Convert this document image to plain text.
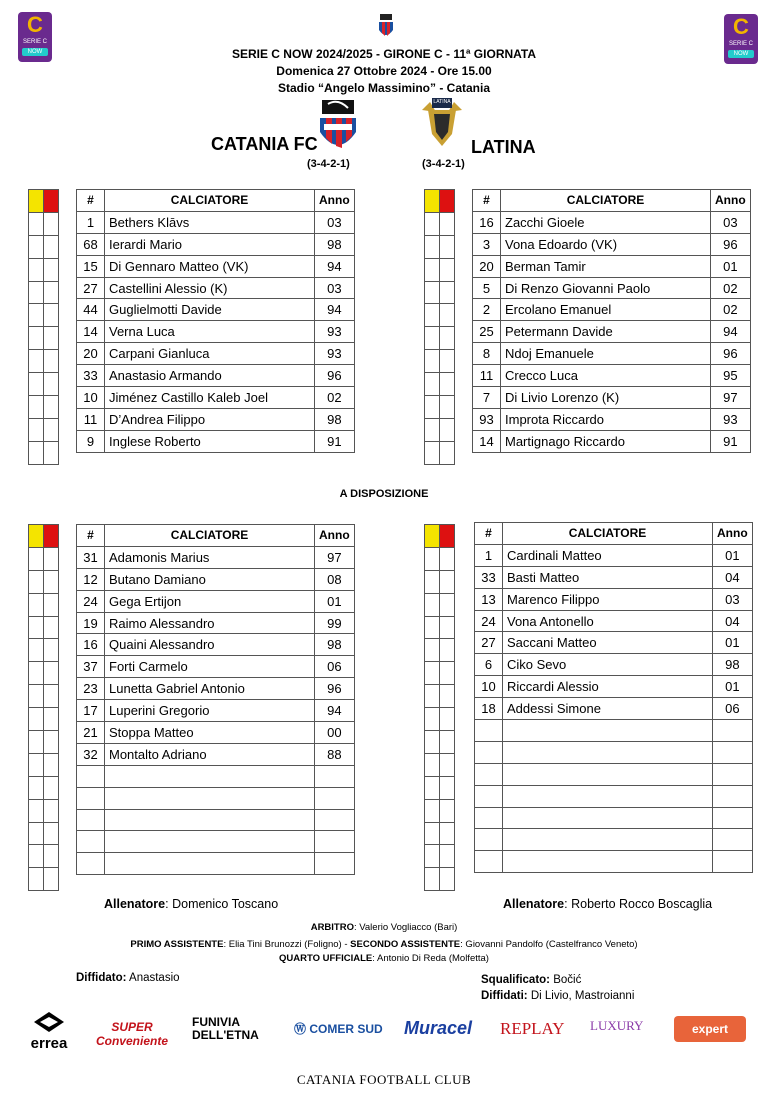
C
SERIE C
NOW
C
SERIE C
NOW
SERIE C NOW 2024/2025 - GIRONE C - 11ª GIORNATA
Domenica 27 Ottobre 2024 - Ore 15.00
Stadio “Angelo Massimino” - Catania
CATANIA FC
(3-4-2-1)
LATINA
LATINA
(3-4-2-1)

#	CALCIATORE	Anno
1	Bethers Klāvs	03
68	Ierardi Mario	98
15	Di Gennaro Matteo (VK)	94
27	Castellini Alessio (K)	03
44	Guglielmotti Davide	94
14	Verna Luca	93
20	Carpani Gianluca	93
33	Anastasio Armando	96
10	Jiménez Castillo Kaleb Joel	02
11	D’Andrea Filippo	98
9	Inglese Roberto	91
#	CALCIATORE	Anno
16	Zacchi Gioele	03
3	Vona Edoardo (VK)	96
20	Berman Tamir	01
5	Di Renzo Giovanni Paolo	02
2	Ercolano Emanuel	02
25	Petermann Davide	94
8	Ndoj Emanuele	96
11	Crecco Luca	95
7	Di Livio Lorenzo (K)	97
93	Improta Riccardo	93
14	Martignago Riccardo	91
A DISPOSIZIONE
#	CALCIATORE	Anno
31	Adamonis Marius	97
12	Butano Damiano	08
24	Gega Ertijon	01
19	Raimo Alessandro	99
16	Quaini Alessandro	98
37	Forti Carmelo	06
23	Lunetta Gabriel Antonio	96
17	Luperini Gregorio	94
21	Stoppa Matteo	00
32	Montalto Adriano	88

#	CALCIATORE	Anno
1	Cardinali Matteo	01
33	Basti Matteo	04
13	Marenco Filippo	03
24	Vona Antonello	04
27	Saccani Matteo	01
6	Ciko Sevo	98
10	Riccardi Alessio	01
18	Addessi Simone	06

Allenatore: Domenico Toscano	Allenatore: Roberto Rocco Boscaglia
ARBITRO: Valerio Vogliacco (Bari)
PRIMO ASSISTENTE: Elia Tini Brunozzi (Foligno) - SECONDO ASSISTENTE: Giovanni Pandolfo (Castelfranco Veneto)
QUARTO UFFICIALE: Antonio Di Reda (Molfetta)
Diffidato: Anastasio	Squalificato: Bočić
Diffidati: Di Livio, Mastroianni
errea
SUPER Conveniente
FUNIVIA DELL'ETNA	Ⓦ COMER SUD Muracel REPLAY LUXURY	expert
CATANIA FOOTBALL CLUB
